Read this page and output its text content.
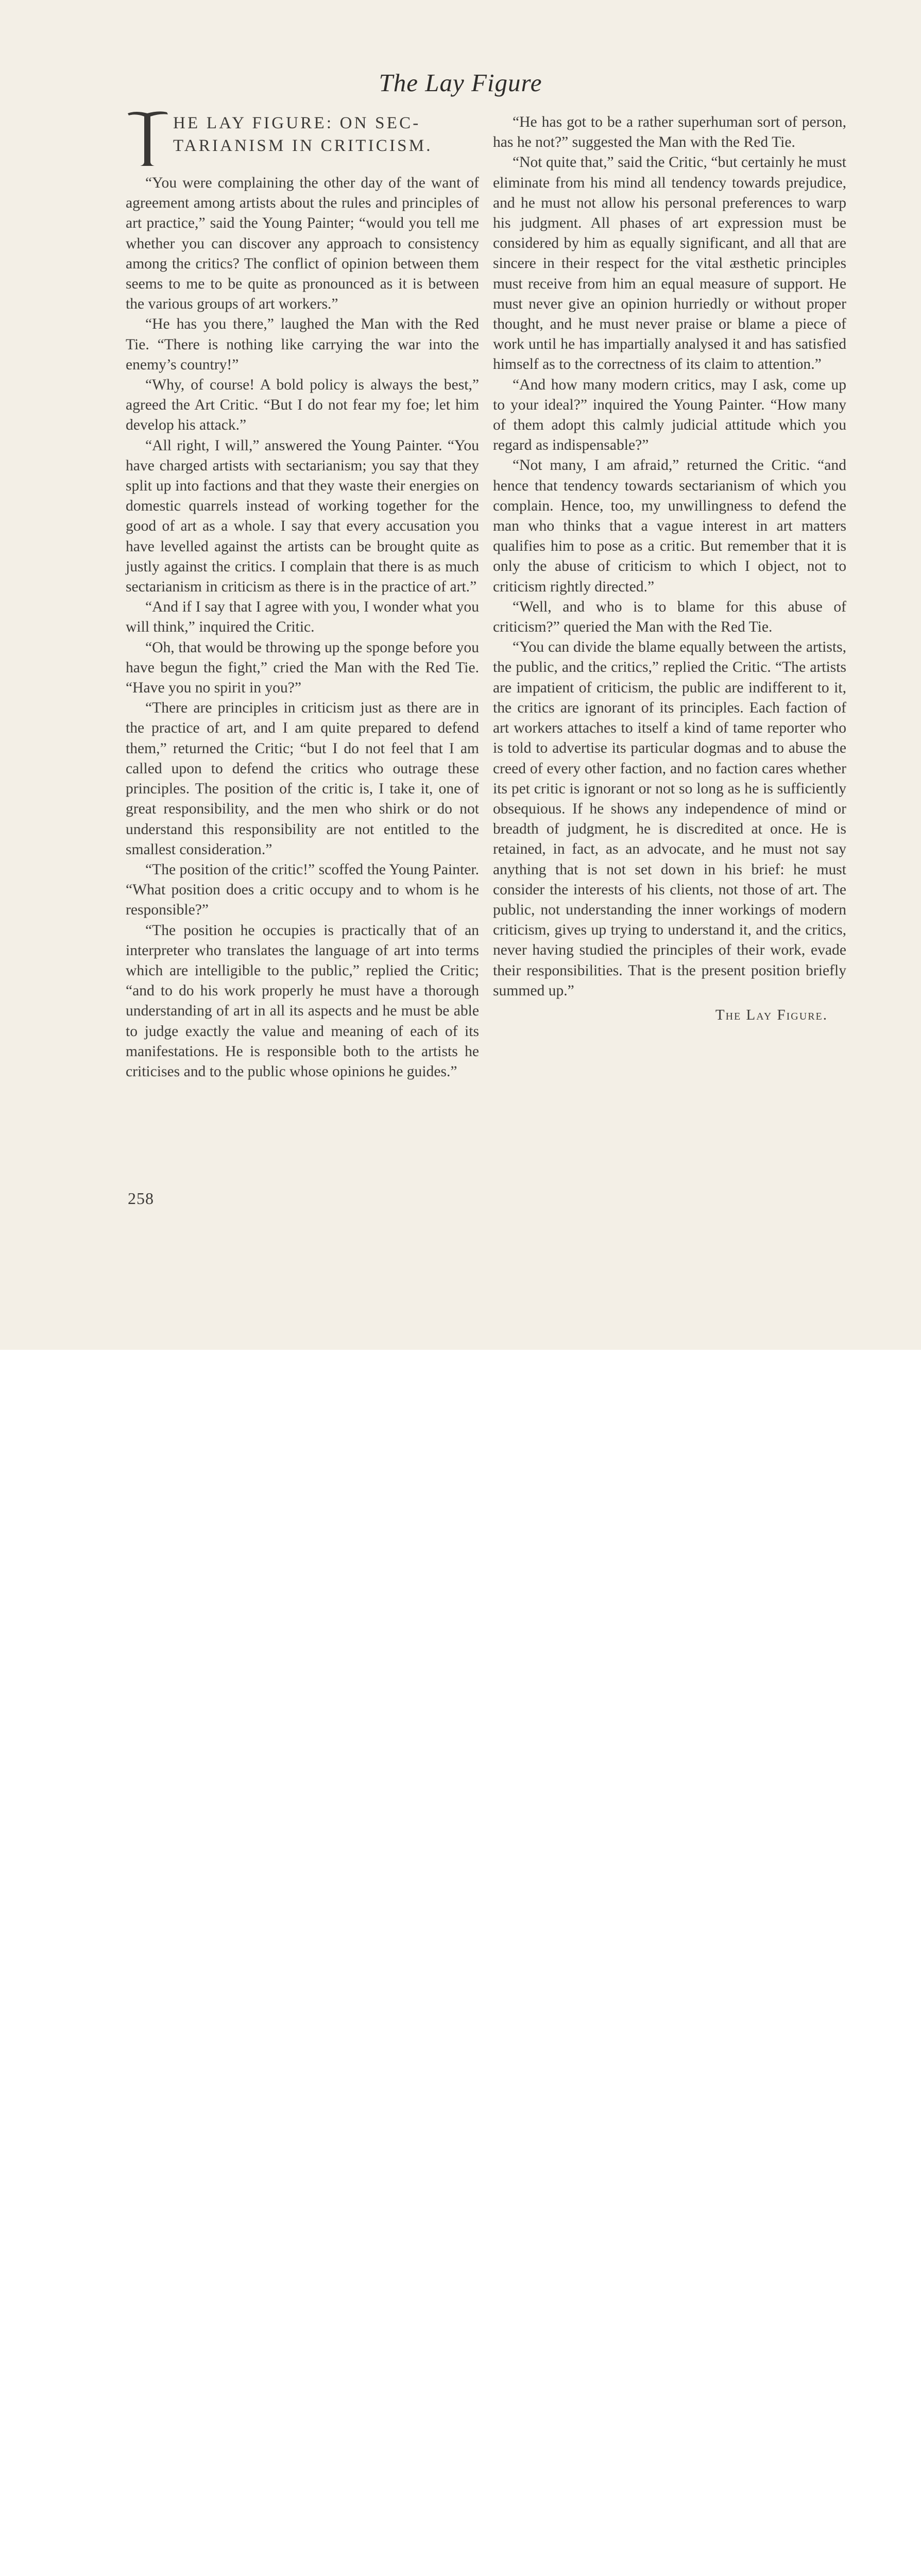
The Lay Figure
T
HE LAY FIGURE: ON SEC-
TARIANISM IN CRITICISM.

“You were complaining the other day of the want of agreement among artists about the rules and principles of art practice,” said the Young Painter; “would you tell me whether you can discover any approach to consistency among the critics? The conflict of opinion between them seems to me to be quite as pronounced as it is between the various groups of art workers.”

“He has you there,” laughed the Man with the Red Tie. “There is nothing like carrying the war into the enemy’s country!”

“Why, of course! A bold policy is always the best,” agreed the Art Critic. “But I do not fear my foe; let him develop his attack.”

“All right, I will,” answered the Young Painter. “You have charged artists with sectarianism; you say that they split up into factions and that they waste their energies on domestic quarrels instead of working together for the good of art as a whole. I say that every accusation you have levelled against the artists can be brought quite as justly against the critics. I complain that there is as much sectarianism in criticism as there is in the practice of art.”

“And if I say that I agree with you, I wonder what you will think,” inquired the Critic.

“Oh, that would be throwing up the sponge before you have begun the fight,” cried the Man with the Red Tie. “Have you no spirit in you?”

“There are principles in criticism just as there are in the practice of art, and I am quite prepared to defend them,” returned the Critic; “but I do not feel that I am called upon to defend the critics who outrage these principles. The position of the critic is, I take it, one of great responsibility, and the men who shirk or do not understand this responsibility are not entitled to the smallest consideration.”

“The position of the critic!” scoffed the Young Painter. “What position does a critic occupy and to whom is he responsible?”

“The position he occupies is practically that of an interpreter who translates the language of art into terms which are intelligible to the public,” replied the Critic; “and to do his work properly he must have a thorough understanding of art in all its aspects and he must be able to judge exactly the value and meaning of each of its manifestations. He is responsible both to the artists he criticises and to the public whose opinions he guides.”

“He has got to be a rather superhuman sort of person, has he not?” suggested the Man with the Red Tie.

“Not quite that,” said the Critic, “but certainly he must eliminate from his mind all tendency towards prejudice, and he must not allow his personal preferences to warp his judgment. All phases of art expression must be considered by him as equally significant, and all that are sincere in their respect for the vital æsthetic principles must receive from him an equal measure of support. He must never give an opinion hurriedly or without proper thought, and he must never praise or blame a piece of work until he has impartially analysed it and has satisfied himself as to the correctness of its claim to attention.”

“And how many modern critics, may I ask, come up to your ideal?” inquired the Young Painter. “How many of them adopt this calmly judicial attitude which you regard as indispensable?”

“Not many, I am afraid,” returned the Critic. “and hence that tendency towards sectarianism of which you complain. Hence, too, my unwillingness to defend the man who thinks that a vague interest in art matters qualifies him to pose as a critic. But remember that it is only the abuse of criticism to which I object, not to criticism rightly directed.”

“Well, and who is to blame for this abuse of criticism?” queried the Man with the Red Tie.

“You can divide the blame equally between the artists, the public, and the critics,” replied the Critic. “The artists are impatient of criticism, the public are indifferent to it, the critics are ignorant of its principles. Each faction of art workers attaches to itself a kind of tame reporter who is told to advertise its particular dogmas and to abuse the creed of every other faction, and no faction cares whether its pet critic is ignorant or not so long as he is sufficiently obsequious. If he shows any independence of mind or breadth of judgment, he is discredited at once. He is retained, in fact, as an advocate, and he must not say anything that is not set down in his brief: he must consider the interests of his clients, not those of art. The public, not understanding the inner workings of modern criticism, gives up trying to understand it, and the critics, never having studied the principles of their work, evade their responsibilities. That is the present position briefly summed up.”

The Lay Figure.
258
